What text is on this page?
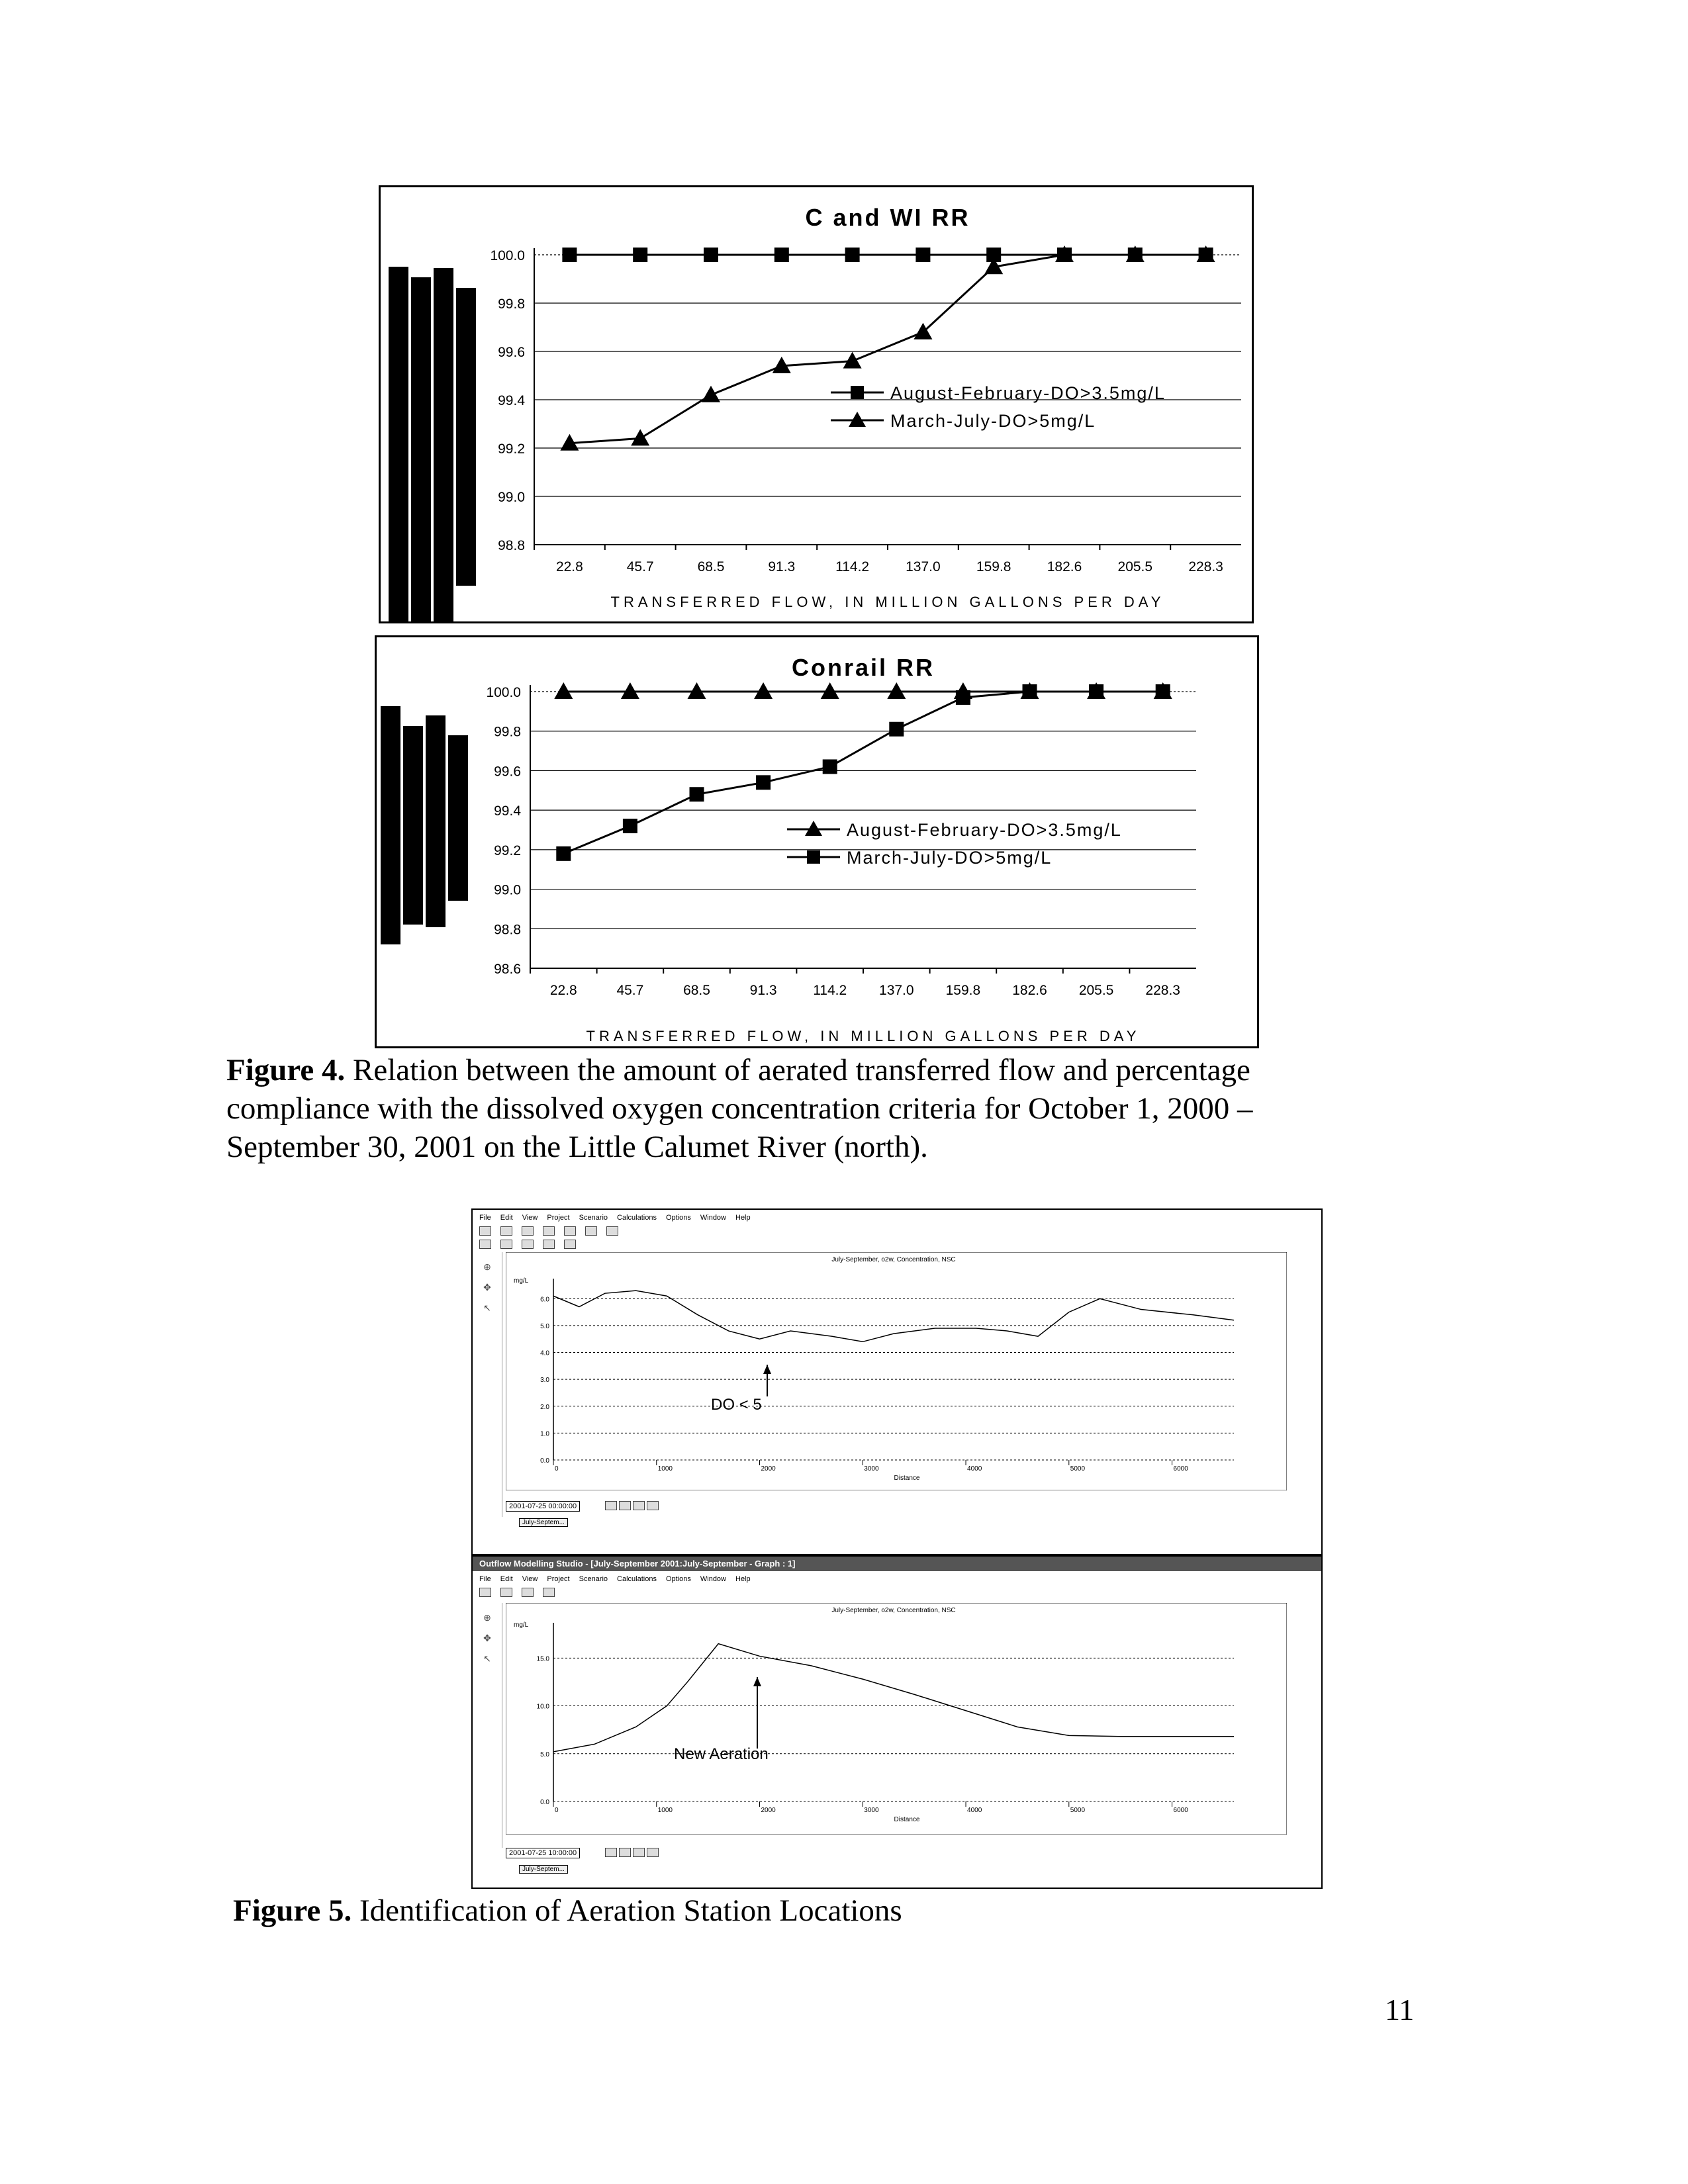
C and WI RR
100.0
99.8
99.6
99.4
99.2
99.0
98.8
22.8	45.7	68.5	91.3	114.2	137.0	159.8	182.6	205.5	228.3
TRANSFERRED FLOW, IN MILLION GALLONS PER DAY
August-February-DO>3.5mg/L
March-July-DO>5mg/L
Conrail RR
100.0
99.8
99.6
99.4
99.2
99.0
98.8
98.6
22.8	45.7	68.5	91.3	114.2 137.0 159.8 182.6 205.5 228.3
TRANSFERRED FLOW, IN MILLION GALLONS PER DAY
August-February-DO>3.5mg/L
March-July-DO>5mg/L
Figure 4. Relation between the amount of aerated transferred flow and percentage compliance with the dissolved oxygen concentration criteria for October 1, 2000 – September 30, 2001 on the Little Calumet River (north).
File Edit View Project Scenario Calculations Options Window Help
⊕
✥
↖
July-September, o2w, Concentration, NSC
mg/L
6.0
5.0
4.0
3.0
2.0
1.0
0.0
0	1000	2000	3000	4000	5000	6000
Distance
DO < 5
2001-07-25 00:00:00

July-Septem...
Outflow Modelling Studio - [July-September 2001:July-September - Graph : 1]
File Edit View Project Scenario Calculations Options Window Help
⊕
✥
↖
July-September, o2w, Concentration, NSC
mg/L
15.0
10.0
5.0
0.0
0	1000	2000	3000	4000	5000	6000
Distance
New Aeration
2001-07-25 10:00:00

July-Septem...
Figure 5. Identification of Aeration Station Locations
11
